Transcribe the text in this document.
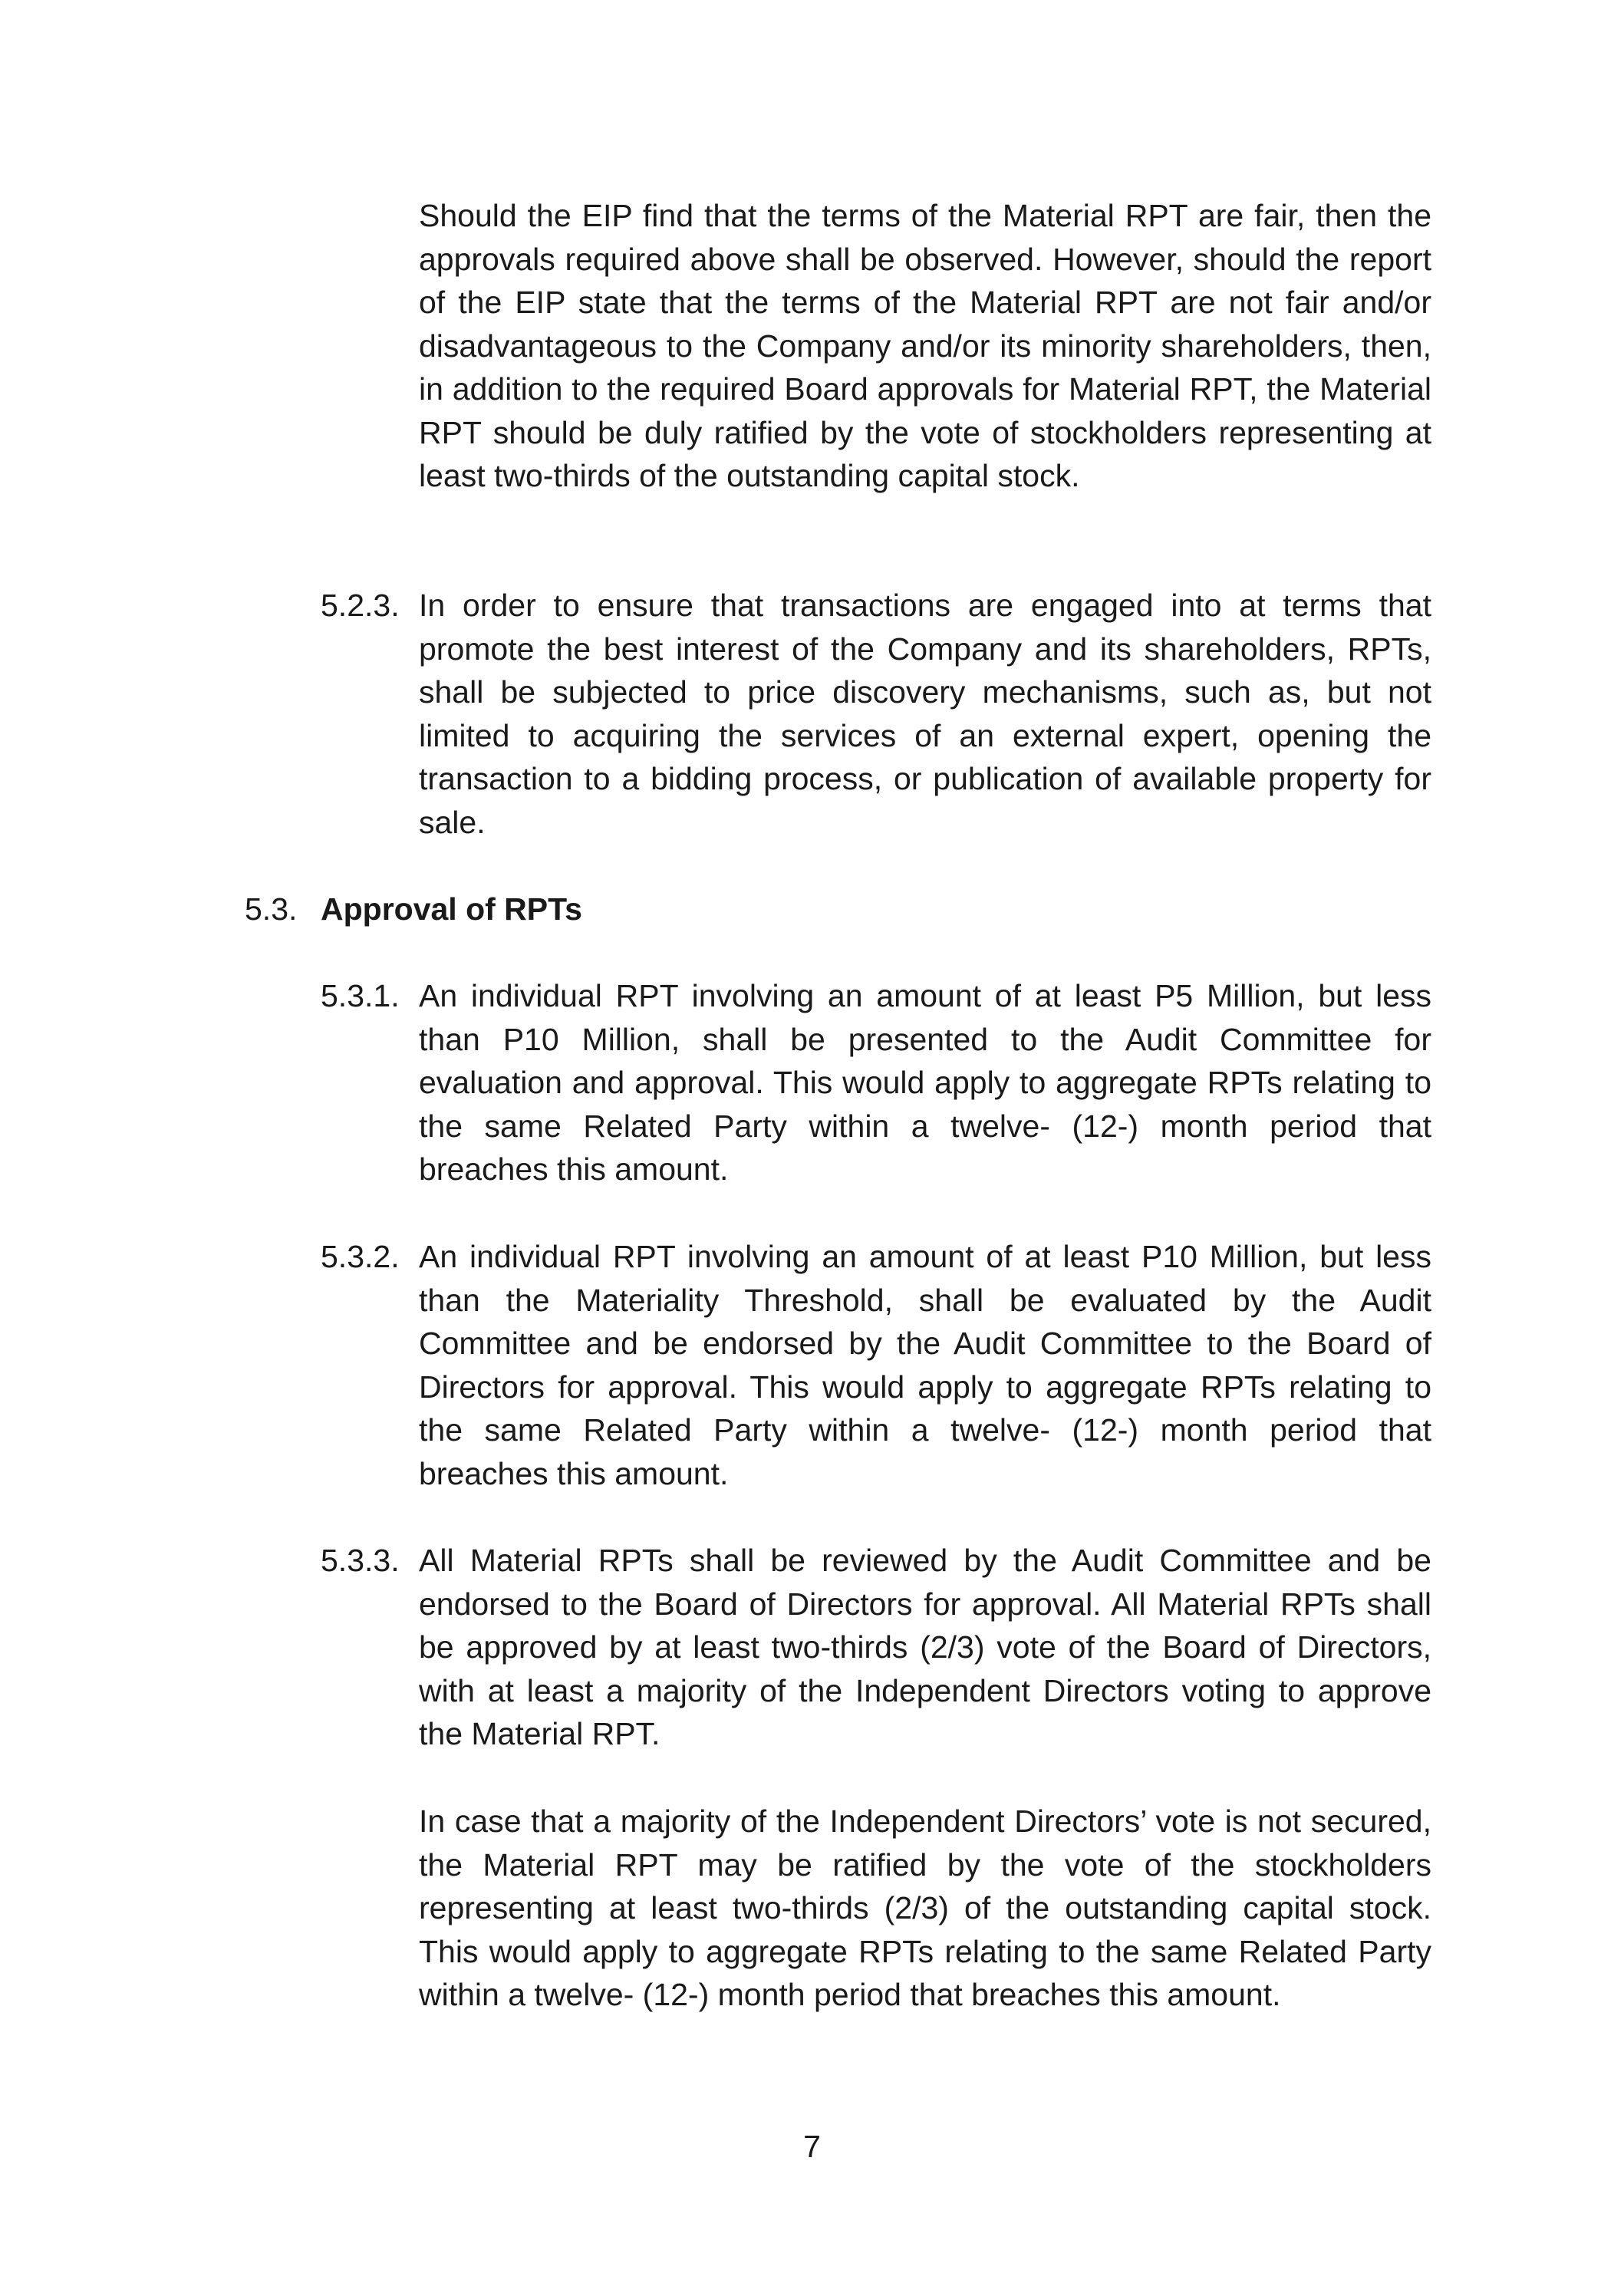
Should the EIP find that the terms of the Material RPT are fair, then the approvals required above shall be observed. However, should the report of the EIP state that the terms of the Material RPT are not fair and/or disadvantageous to the Company and/or its minority shareholders, then, in addition to the required Board approvals for Material RPT, the Material RPT should be duly ratified by the vote of stockholders representing at least two-thirds of the outstanding capital stock.

5.2.3. In order to ensure that transactions are engaged into at terms that promote the best interest of the Company and its shareholders, RPTs, shall be subjected to price discovery mechanisms, such as, but not limited to acquiring the services of an external expert, opening the transaction to a bidding process, or publication of available property for sale.

5.3. Approval of RPTs
5.3.1. An individual RPT involving an amount of at least P5 Million, but less than P10 Million, shall be presented to the Audit Committee for evaluation and approval. This would apply to aggregate RPTs relating to the same Related Party within a twelve- (12-) month period that breaches this amount.

5.3.2. An individual RPT involving an amount of at least P10 Million, but less than the Materiality Threshold, shall be evaluated by the Audit Committee and be endorsed by the Audit Committee to the Board of Directors for approval. This would apply to aggregate RPTs relating to the same Related Party within a twelve- (12-) month period that breaches this amount.

5.3.3. All Material RPTs shall be reviewed by the Audit Committee and be endorsed to the Board of Directors for approval. All Material RPTs shall be approved by at least two-thirds (2/3) vote of the Board of Directors, with at least a majority of the Independent Directors voting to approve the Material RPT.

In case that a majority of the Independent Directors’ vote is not secured, the Material RPT may be ratified by the vote of the stockholders representing at least two-thirds (2/3) of the outstanding capital stock. This would apply to aggregate RPTs relating to the same Related Party within a twelve- (12-) month period that breaches this amount.

7
